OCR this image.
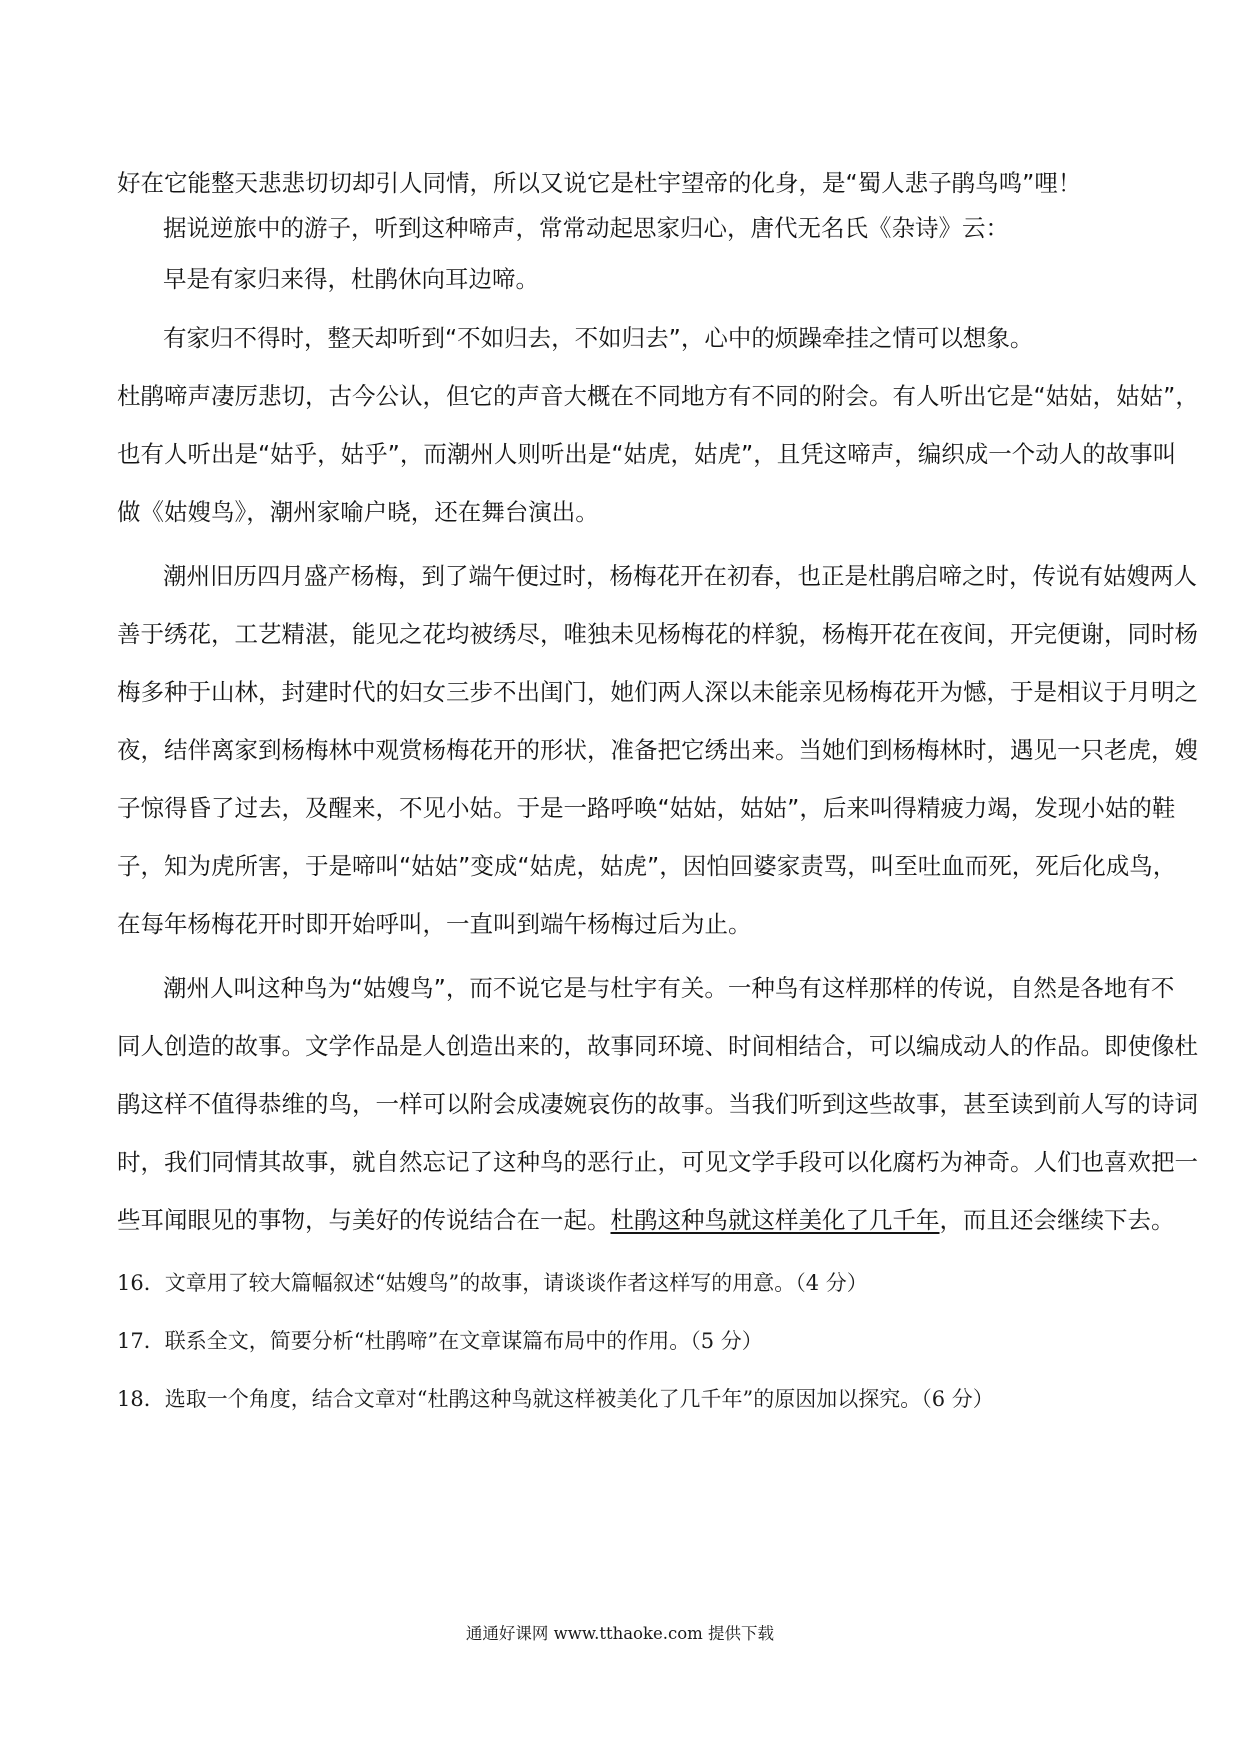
好在它能整天悲悲切切却引人同情，所以又说它是杜宇望帝的化身，是“蜀人悲子鹃鸟鸣”哩！
据说逆旅中的游子，听到这种啼声，常常动起思家归心，唐代无名氏《杂诗》云：
早是有家归来得，杜鹃休向耳边啼。
有家归不得时，整天却听到“不如归去，不如归去”，心中的烦躁牵挂之情可以想象。
杜鹃啼声凄厉悲切，古今公认，但它的声音大概在不同地方有不同的附会。有人听出它是“姑姑，姑姑”，
也有人听出是“姑乎，姑乎”，而潮州人则听出是“姑虎，姑虎”，且凭这啼声，编织成一个动人的故事叫
做《姑嫂鸟》，潮州家喻户晓，还在舞台演出。
潮州旧历四月盛产杨梅，到了端午便过时，杨梅花开在初春，也正是杜鹃启啼之时，传说有姑嫂两人
善于绣花，工艺精湛，能见之花均被绣尽，唯独未见杨梅花的样貌，杨梅开花在夜间，开完便谢，同时杨
梅多种于山林，封建时代的妇女三步不出闺门，她们两人深以未能亲见杨梅花开为憾，于是相议于月明之
夜，结伴离家到杨梅林中观赏杨梅花开的形状，准备把它绣出来。当她们到杨梅林时，遇见一只老虎，嫂
子惊得昏了过去，及醒来，不见小姑。于是一路呼唤“姑姑，姑姑”，后来叫得精疲力竭，发现小姑的鞋
子，知为虎所害，于是啼叫“姑姑”变成“姑虎，姑虎”，因怕回婆家责骂，叫至吐血而死，死后化成鸟，
在每年杨梅花开时即开始呼叫，一直叫到端午杨梅过后为止。
潮州人叫这种鸟为“姑嫂鸟”，而不说它是与杜宇有关。一种鸟有这样那样的传说，自然是各地有不
同人创造的故事。文学作品是人创造出来的，故事同环境、时间相结合，可以编成动人的作品。即使像杜
鹃这样不值得恭维的鸟，一样可以附会成凄婉哀伤的故事。当我们听到这些故事，甚至读到前人写的诗词
时，我们同情其故事，就自然忘记了这种鸟的恶行止，可见文学手段可以化腐朽为神奇。人们也喜欢把一
些耳闻眼见的事物，与美好的传说结合在一起。杜鹃这种鸟就这样美化了几千年，而且还会继续下去。
16．文章用了较大篇幅叙述“姑嫂鸟”的故事，请谈谈作者这样写的用意。（4 分）
17．联系全文，简要分析“杜鹃啼”在文章谋篇布局中的作用。（5 分）
18．选取一个角度，结合文章对“杜鹃这种鸟就这样被美化了几千年”的原因加以探究。（6 分）
通通好课网 www.tthaoke.com 提供下载
